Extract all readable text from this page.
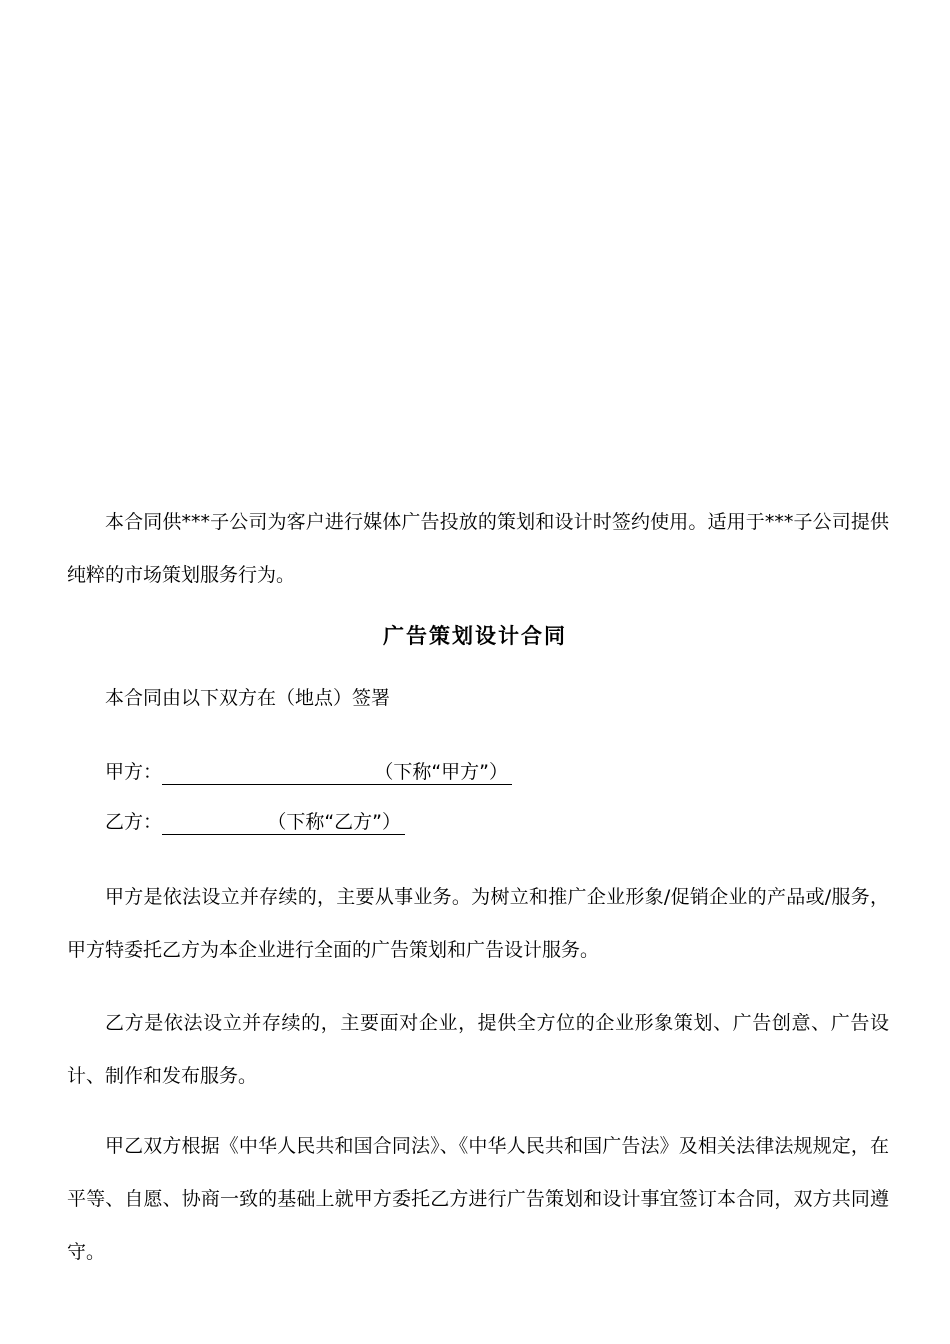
本合同供***子公司为客户进行媒体广告投放的策划和设计时签约使用。适用于***子公司提供纯粹的市场策划服务行为。

广告策划设计合同

本合同由以下双方在（地点）签署

甲方：	（下称“甲方”）
乙方：	（下称“乙方”）

甲方是依法设立并存续的，主要从事业务。为树立和推广企业形象/促销企业的产品或/服务，甲方特委托乙方为本企业进行全面的广告策划和广告设计服务。

乙方是依法设立并存续的，主要面对企业，提供全方位的企业形象策划、广告创意、广告设计、制作和发布服务。

甲乙双方根据《中华人民共和国合同法》、《中华人民共和国广告法》及相关法律法规规定，在平等、自愿、协商一致的基础上就甲方委托乙方进行广告策划和设计事宜签订本合同，双方共同遵守。
